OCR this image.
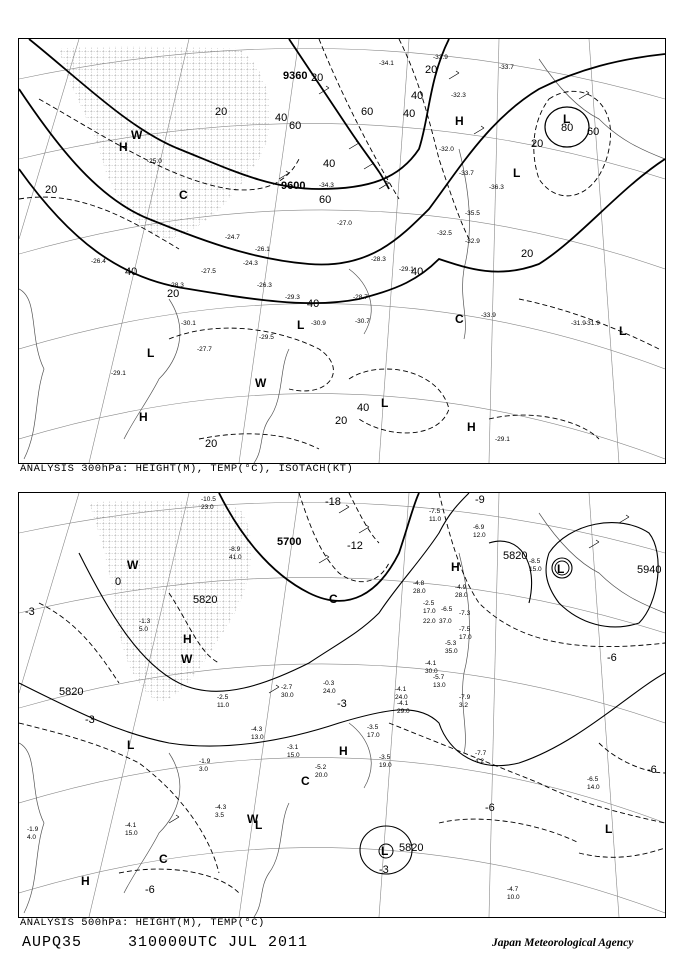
9360
9600
20
20
20
20
20
20
20
20
20
40	40
40
40
40	40
40
40
60
60
60
60
80
H
H
H
H
L
L
L
L
L
L
W
W
C
C
-33.9
-34.1
-32.3
-33.7
-32.0
-31.9
-36.3
-35.5
-33.7
-32.5
-32.9
-34.3
-29.1
-28.3
-27.0
-26.1
-24.7
-24.3
-26.3
-27.5
-28.3
-29.3
-29.5
-30.1	-30.9
-27.7
-29.1
-26.4
-33.9
-31.9
-29.1
-28.7
-30.7
-25.0
ANALYSIS 300hPa: HEIGHT(M), TEMP(°C), ISOTACH(KT)
5700
5820
5820
5820
5820
5940
-18
-12
-9
-6
-6
-6
-6
-3
-3
-3
-3
0
-7.5
11.0
-6.9
12.0
-8.9
41.0
-10.5
23.0
-8.5
15.0
-4.9
28.0
-4.8
28.0
-2.5
17.0
-7.5
17.0
-6.5
22.0
-7.3
37.0
-5.3
35.0
-4.1
30.0
-5.7
13.0
-7.9
3.2
-4.1
24.0
-4.1
29.0
-3.5
17.0
-3.5
19.0
-7.7
4.2
-6.5
14.0
-4.7
10.0
-4.3
3.5
-4.1
15.0
-3.1
15.0
-2.7
30.0
-5.2
20.0
-1.9
3.0
-4.3
13.0
-2.5
11.0
-0.3
24.0
-1.9
4.0
-1.3
5.0
H
H
H
H
L
L
L
L
L
W
W
W
C
C
C
ANALYSIS 500hPa: HEIGHT(M), TEMP(°C)
AUPQ35	310000UTC JUL 2011	Japan Meteorological Agency
